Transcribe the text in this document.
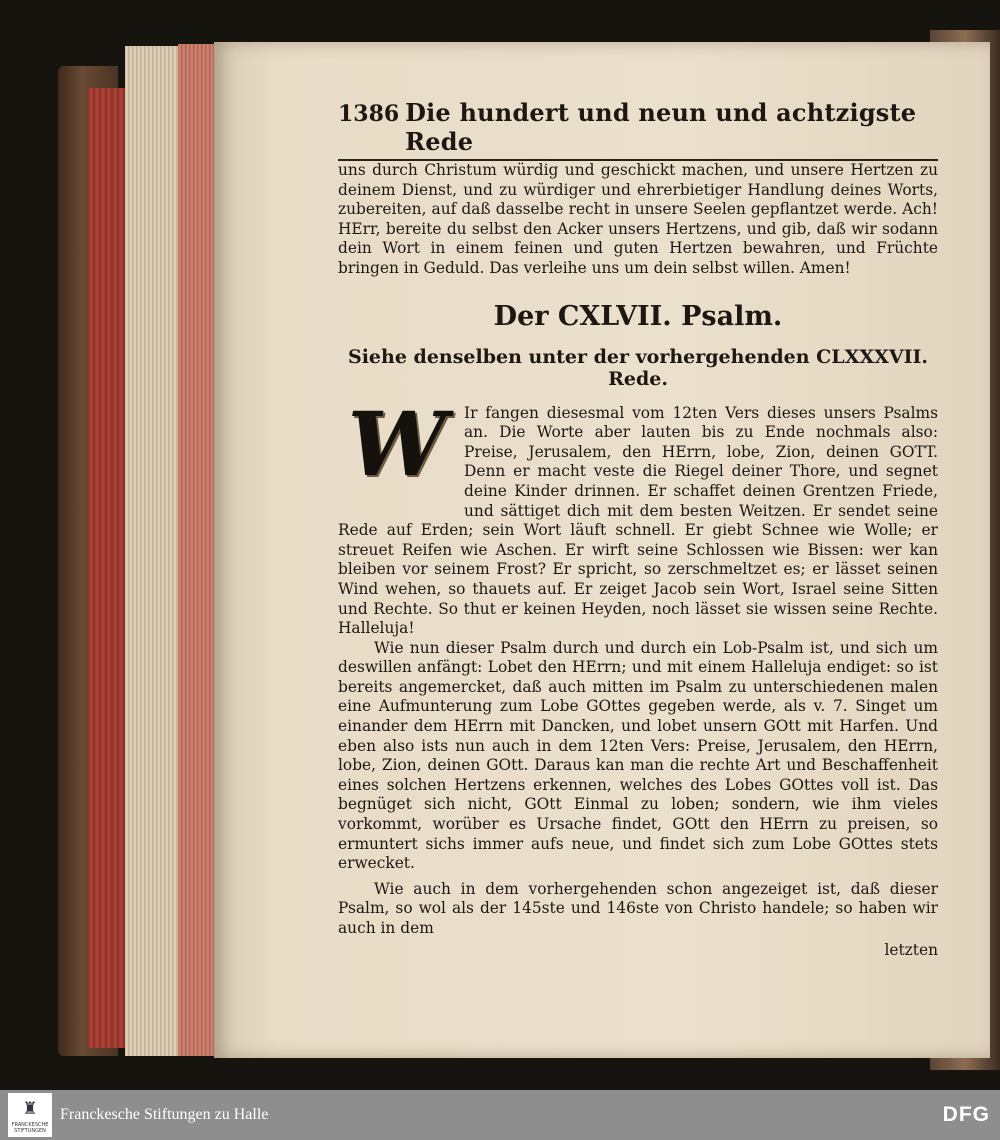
1386 Die hundert und neun und achtzigste Rede

uns durch Christum würdig und geschickt machen, und unsere Hertzen zu deinem Dienst, und zu würdiger und ehrerbietiger Handlung deines Worts, zubereiten, auf daß dasselbe recht in unsere Seelen gepflantzet werde. Ach! HErr, bereite du selbst den Acker unsers Hertzens, und gib, daß wir sodann dein Wort in einem feinen und guten Hertzen bewahren, und Früchte bringen in Geduld. Das verleihe uns um dein selbst willen. Amen!

Der CXLVII. Psalm.
Siehe denselben unter der vorhergehenden CLXXXVII. Rede.
W	Ir fangen diesesmal vom 12ten Vers dieses unsers Psalms an. Die Worte aber lauten bis zu Ende nochmals also: Preise, Jerusalem, den HErrn, lobe, Zion, deinen GOTT. Denn er macht veste die Riegel deiner Thore, und segnet deine Kinder drinnen. Er schaffet deinen Grentzen Friede, und sättiget dich mit dem besten Weitzen. Er sendet seine Rede auf Erden; sein Wort läuft schnell. Er giebt Schnee wie Wolle; er streuet Reifen wie Aschen. Er wirft seine Schlossen wie Bissen: wer kan bleiben vor seinem Frost? Er spricht, so zerschmeltzet es; er lässet seinen Wind wehen, so thauets auf. Er zeiget Jacob sein Wort, Israel seine Sitten und Rechte. So thut er keinen Heyden, noch lässet sie wissen seine Rechte. Halleluja!

Wie nun dieser Psalm durch und durch ein Lob-Psalm ist, und sich um deswillen anfängt: Lobet den HErrn; und mit einem Halleluja endiget: so ist bereits angemercket, daß auch mitten im Psalm zu unterschiedenen malen eine Aufmunterung zum Lobe GOttes gegeben werde, als v. 7. Singet um einander dem HErrn mit Dancken, und lobet unsern GOtt mit Harfen. Und eben also ists nun auch in dem 12ten Vers: Preise, Jerusalem, den HErrn, lobe, Zion, deinen GOtt. Daraus kan man die rechte Art und Beschaffenheit eines solchen Hertzens erkennen, welches des Lobes GOttes voll ist. Das begnüget sich nicht, GOtt Einmal zu loben; sondern, wie ihm vieles vorkommt, worüber es Ursache findet, GOtt den HErrn zu preisen, so ermuntert sichs immer aufs neue, und findet sich zum Lobe GOttes stets erwecket.

Wie auch in dem vorhergehenden schon angezeiget ist, daß dieser Psalm, so wol als der 145ste und 146ste von Christo handele; so haben wir auch in dem

letzten
♜
FRANCKESCHE STIFTUNGEN
Franckesche Stiftungen zu Halle	DFG
